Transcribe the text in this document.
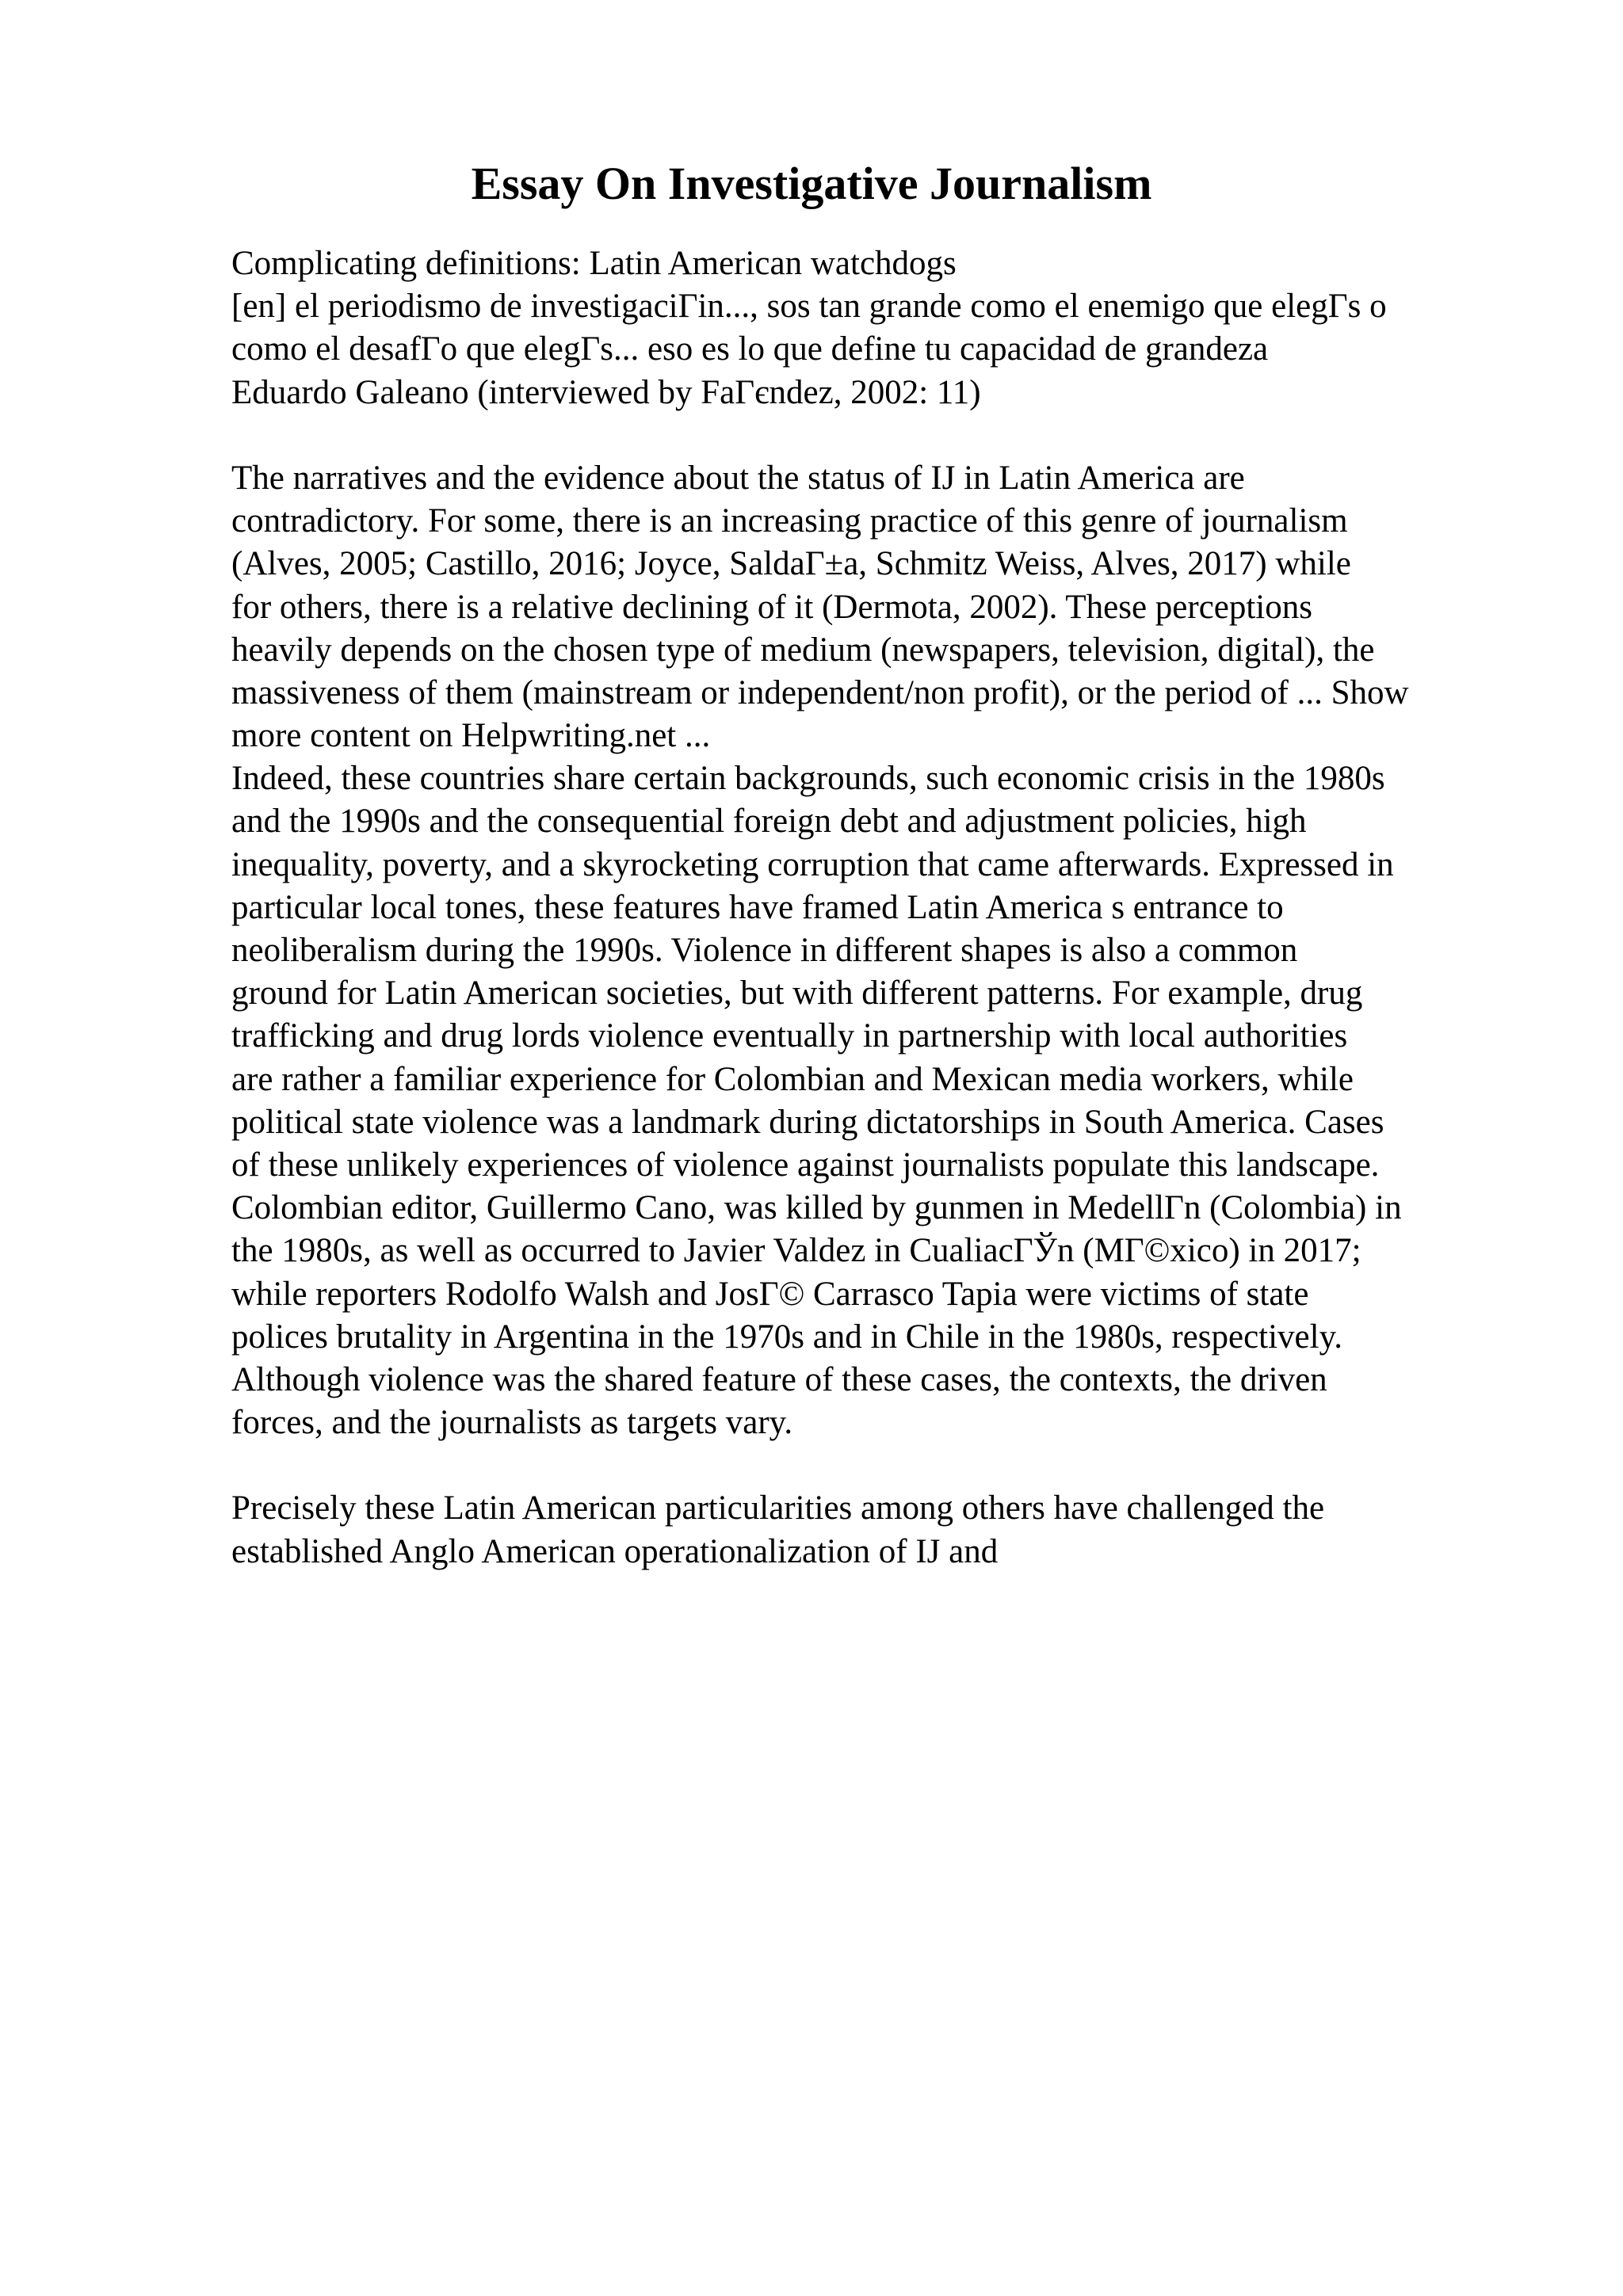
Essay On Investigative Journalism
Complicating definitions: Latin American watchdogs
[en] el periodismo de investigaciΓin..., sos tan grande como el enemigo que elegΓs o
como el desafΓo que elegΓs... eso es lo que define tu capacidad de grandeza
Eduardo Galeano (interviewed by FaΓєndez, 2002: 11)
The narratives and the evidence about the status of IJ in Latin America are
contradictory. For some, there is an increasing practice of this genre of journalism
(Alves, 2005; Castillo, 2016; Joyce, SaldaΓ±a, Schmitz Weiss, Alves, 2017) while
for others, there is a relative declining of it (Dermota, 2002). These perceptions
heavily depends on the chosen type of medium (newspapers, television, digital), the
massiveness of them (mainstream or independent/non profit), or the period of ... Show
more content on Helpwriting.net ...
Indeed, these countries share certain backgrounds, such economic crisis in the 1980s
and the 1990s and the consequential foreign debt and adjustment policies, high
inequality, poverty, and a skyrocketing corruption that came afterwards. Expressed in
particular local tones, these features have framed Latin America s entrance to
neoliberalism during the 1990s. Violence in different shapes is also a common
ground for Latin American societies, but with different patterns. For example, drug
trafficking and drug lords violence eventually in partnership with local authorities
are rather a familiar experience for Colombian and Mexican media workers, while
political state violence was a landmark during dictatorships in South America. Cases
of these unlikely experiences of violence against journalists populate this landscape.
Colombian editor, Guillermo Cano, was killed by gunmen in MedellΓn (Colombia) in
the 1980s, as well as occurred to Javier Valdez in CualiacΓЎn (MΓ©xico) in 2017;
while reporters Rodolfo Walsh and JosΓ© Carrasco Tapia were victims of state
polices brutality in Argentina in the 1970s and in Chile in the 1980s, respectively.
Although violence was the shared feature of these cases, the contexts, the driven
forces, and the journalists as targets vary.
Precisely these Latin American particularities among others have challenged the
established Anglo American operationalization of IJ and
